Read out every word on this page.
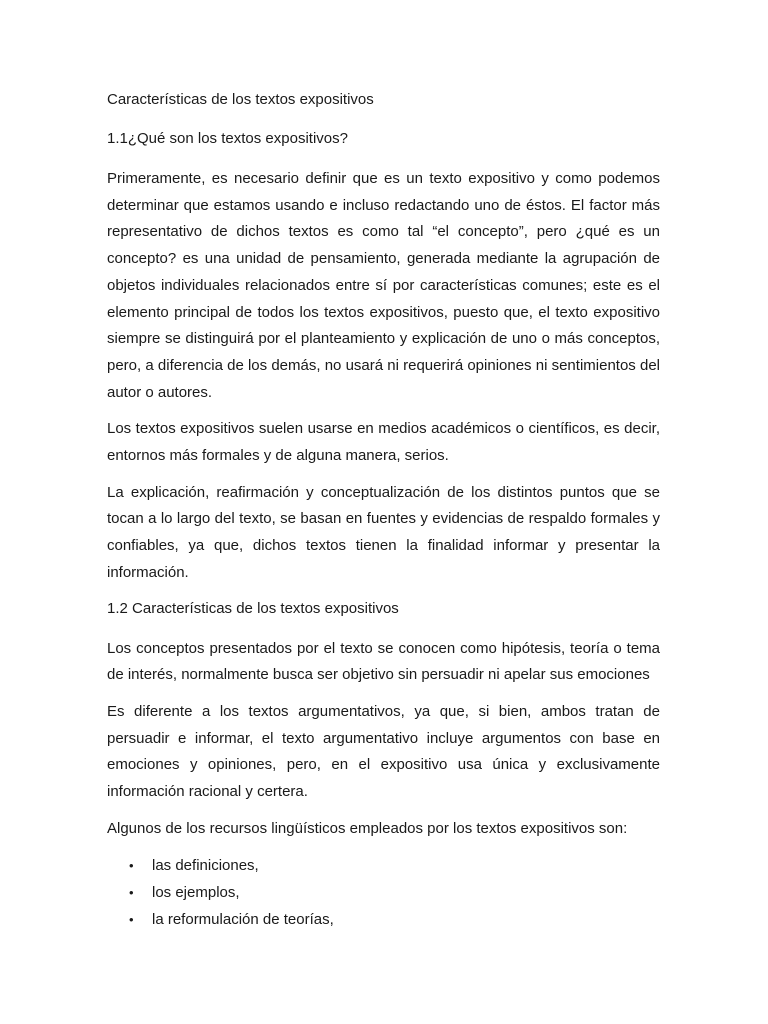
Características de los textos expositivos

1.1¿Qué son los textos expositivos?

Primeramente, es necesario definir que es un texto expositivo y como podemos determinar que estamos usando e incluso redactando uno de éstos. El factor más representativo de dichos textos es como tal “el concepto”, pero ¿qué es un concepto? es una unidad de pensamiento, generada mediante la agrupación de objetos individuales relacionados entre sí por características comunes; este es el elemento principal de todos los textos expositivos, puesto que, el texto expositivo siempre se distinguirá por el planteamiento y explicación de uno o más conceptos, pero, a diferencia de los demás, no usará ni requerirá opiniones ni sentimientos del autor o autores.

Los textos expositivos suelen usarse en medios académicos o científicos, es decir, entornos más formales y de alguna manera, serios.

La explicación, reafirmación y conceptualización de los distintos puntos que se tocan a lo largo del texto, se basan en fuentes y evidencias de respaldo formales y confiables, ya que, dichos textos tienen la finalidad informar y presentar la información.

1.2 Características de los textos expositivos

Los conceptos presentados por el texto se conocen como hipótesis, teoría o tema de interés, normalmente busca ser objetivo sin persuadir ni apelar sus emociones

Es diferente a los textos argumentativos, ya que, si bien, ambos tratan de persuadir e informar, el texto argumentativo incluye argumentos con base en emociones y opiniones, pero, en el expositivo usa única y exclusivamente información racional y certera.

Algunos de los recursos lingüísticos empleados por los textos expositivos son:

• las definiciones,
• los ejemplos,
• la reformulación de teorías,
